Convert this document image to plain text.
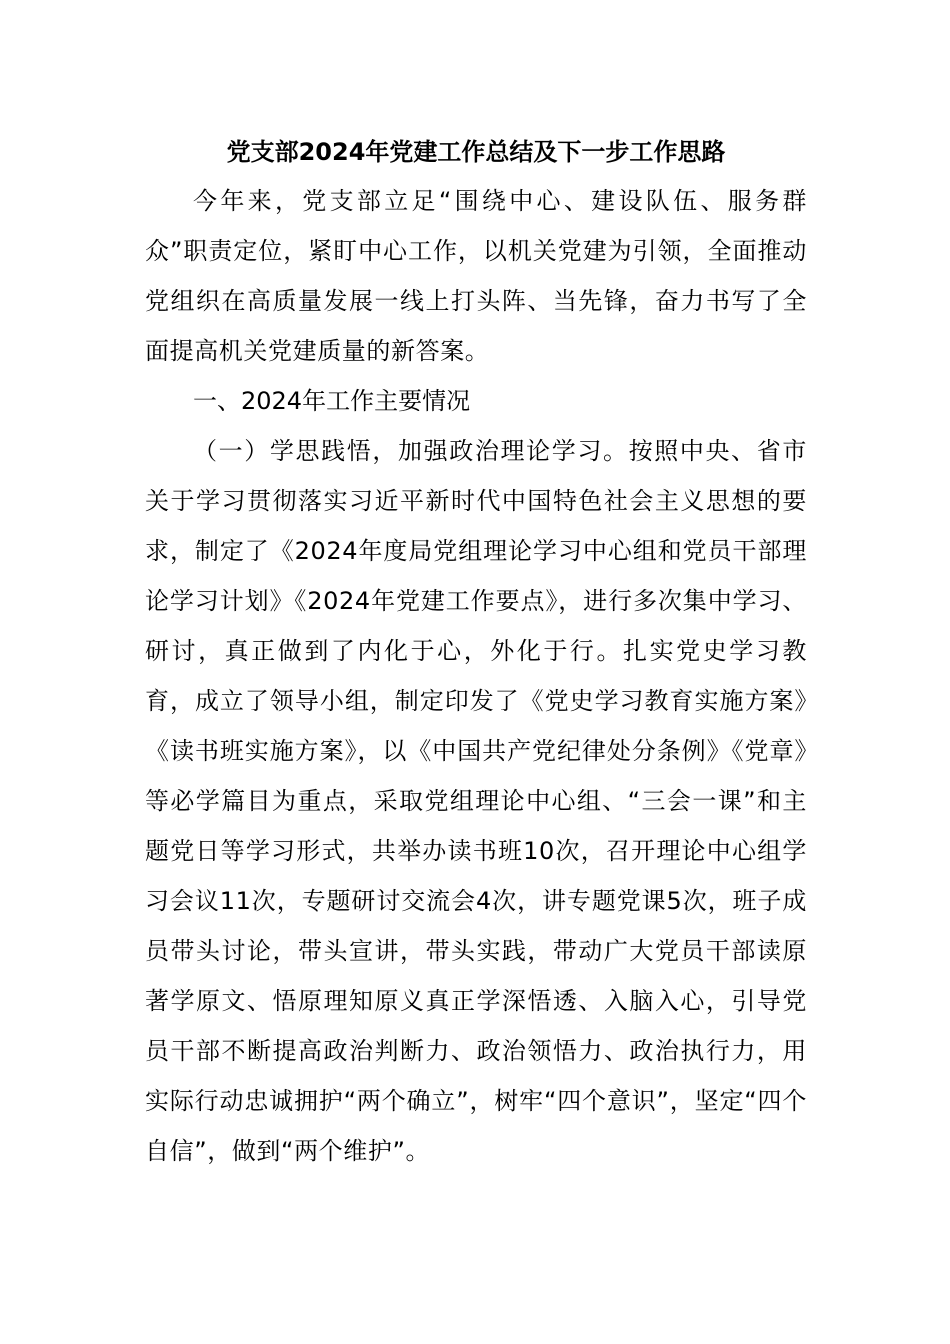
党支部2024年党建工作总结及下一步工作思路

今年来，党支部立足“围绕中心、建设队伍、服务群众”职责定位，紧盯中心工作，以机关党建为引领，全面推动党组织在高质量发展一线上打头阵、当先锋，奋力书写了全面提高机关党建质量的新答案。

一、2024年工作主要情况

（一）学思践悟，加强政治理论学习。按照中央、省市关于学习贯彻落实习近平新时代中国特色社会主义思想的要求，制定了《2024年度局党组理论学习中心组和党员干部理论学习计划》《2024年党建工作要点》，进行多次集中学习、研讨，真正做到了内化于心，外化于行。扎实党史学习教育，成立了领导小组，制定印发了《党史学习教育实施方案》《读书班实施方案》，以《中国共产党纪律处分条例》《党章》等必学篇目为重点，采取党组理论中心组、“三会一课”和主题党日等学习形式，共举办读书班10次，召开理论中心组学习会议11次，专题研讨交流会4次，讲专题党课5次，班子成员带头讨论，带头宣讲，带头实践，带动广大党员干部读原著学原文、悟原理知原义真正学深悟透、入脑入心，引导党员干部不断提高政治判断力、政治领悟力、政治执行力，用实际行动忠诚拥护“两个确立”，树牢“四个意识”，坚定“四个自信”，做到“两个维护”。
